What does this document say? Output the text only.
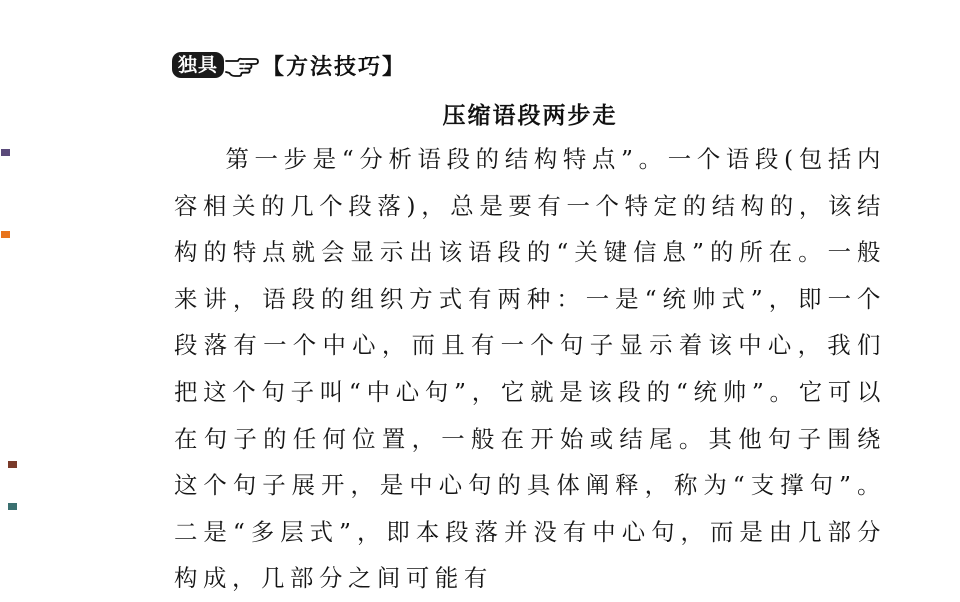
独具 【方法技巧】
压缩语段两步走

第一步是“分析语段的结构特点”。一个语段(包括内容相关的几个段落)，总是要有一个特定的结构的，该结构的特点就会显示出该语段的“关键信息”的所在。一般来讲，语段的组织方式有两种：一是“统帅式”，即一个段落有一个中心，而且有一个句子显示着该中心，我们把这个句子叫“中心句”，它就是该段的“统帅”。它可以在句子的任何位置，一般在开始或结尾。其他句子围绕这个句子展开，是中心句的具体阐释，称为“支撑句”。二是“多层式”，即本段落并没有中心句，而是由几部分构成，几部分之间可能有
